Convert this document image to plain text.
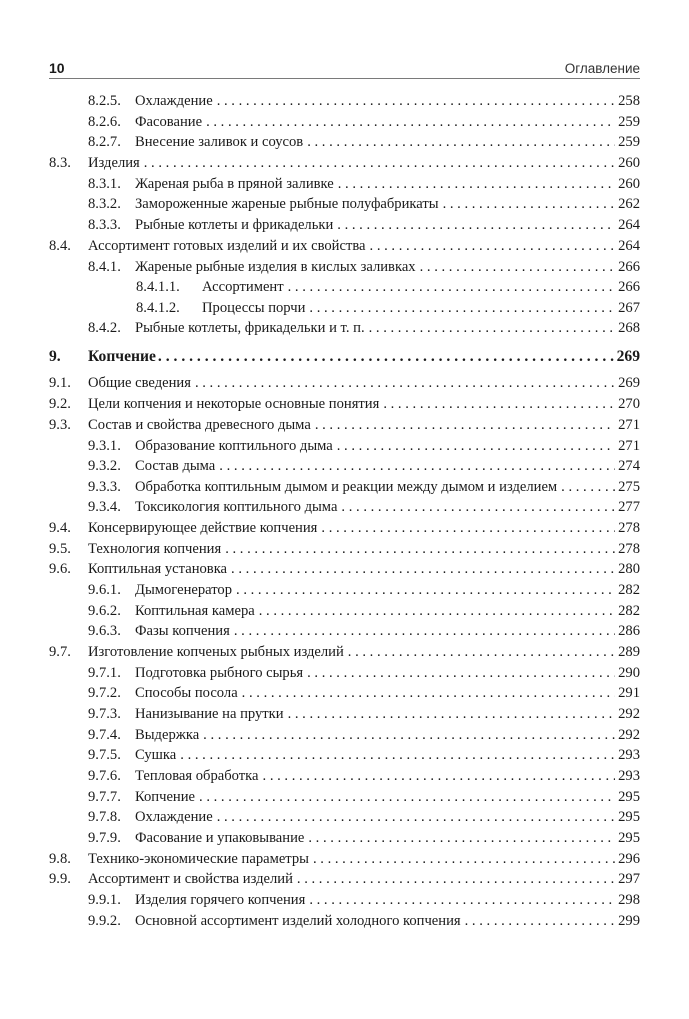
10	Оглавление
8.2.5. Охлаждение . . .	258
8.2.6. Фасование . . .	259
8.2.7. Внесение заливок и соусов . . .	259
8.3.	Изделия . . .	260
8.3.1. Жареная рыба в пряной заливке . . .	260
8.3.2. Замороженные жареные рыбные полуфабрикаты . . .	262
8.3.3. Рыбные котлеты и фрикадельки . . .	264
8.4.	Ассортимент готовых изделий и их свойства . . .	264
8.4.1. Жареные рыбные изделия в кислых заливках . . .	266
8.4.1.1.	Ассортимент . . .	266
8.4.1.2.	Процессы порчи . . .	267
8.4.2. Рыбные котлеты, фрикадельки и т. п. . . .	268
9.	Копчение . . .	269
9.1.	Общие сведения . . .	269
9.2.	Цели копчения и некоторые основные понятия . . .	270
9.3.	Состав и свойства древесного дыма . . .	271
9.3.1. Образование коптильного дыма . . .	271
9.3.2. Состав дыма . . .	274
9.3.3. Обработка коптильным дымом и реакции между дымом и изделием . . .	275
9.3.4. Токсикология коптильного дыма . . .	277
9.4.	Консервирующее действие копчения . . .	278
9.5.	Технология копчения . . .	278
9.6.	Коптильная установка . . .	280
9.6.1. Дымогенератор . . .	282
9.6.2. Коптильная камера . . .	282
9.6.3. Фазы копчения . . .	286
9.7.	Изготовление копченых рыбных изделий . . .	289
9.7.1. Подготовка рыбного сырья . . .	290
9.7.2. Способы посола . . .	291
9.7.3. Нанизывание на прутки . . .	292
9.7.4. Выдержка . . .	292
9.7.5. Сушка . . .	293
9.7.6. Тепловая обработка . . .	293
9.7.7. Копчение . . .	295
9.7.8. Охлаждение . . .	295
9.7.9. Фасование и упаковывание . . .	295
9.8.	Технико-экономические параметры . . .	296
9.9.	Ассортимент и свойства изделий . . .	297
9.9.1. Изделия горячего копчения . . .	298
9.9.2. Основной ассортимент изделий холодного копчения . . .	299
